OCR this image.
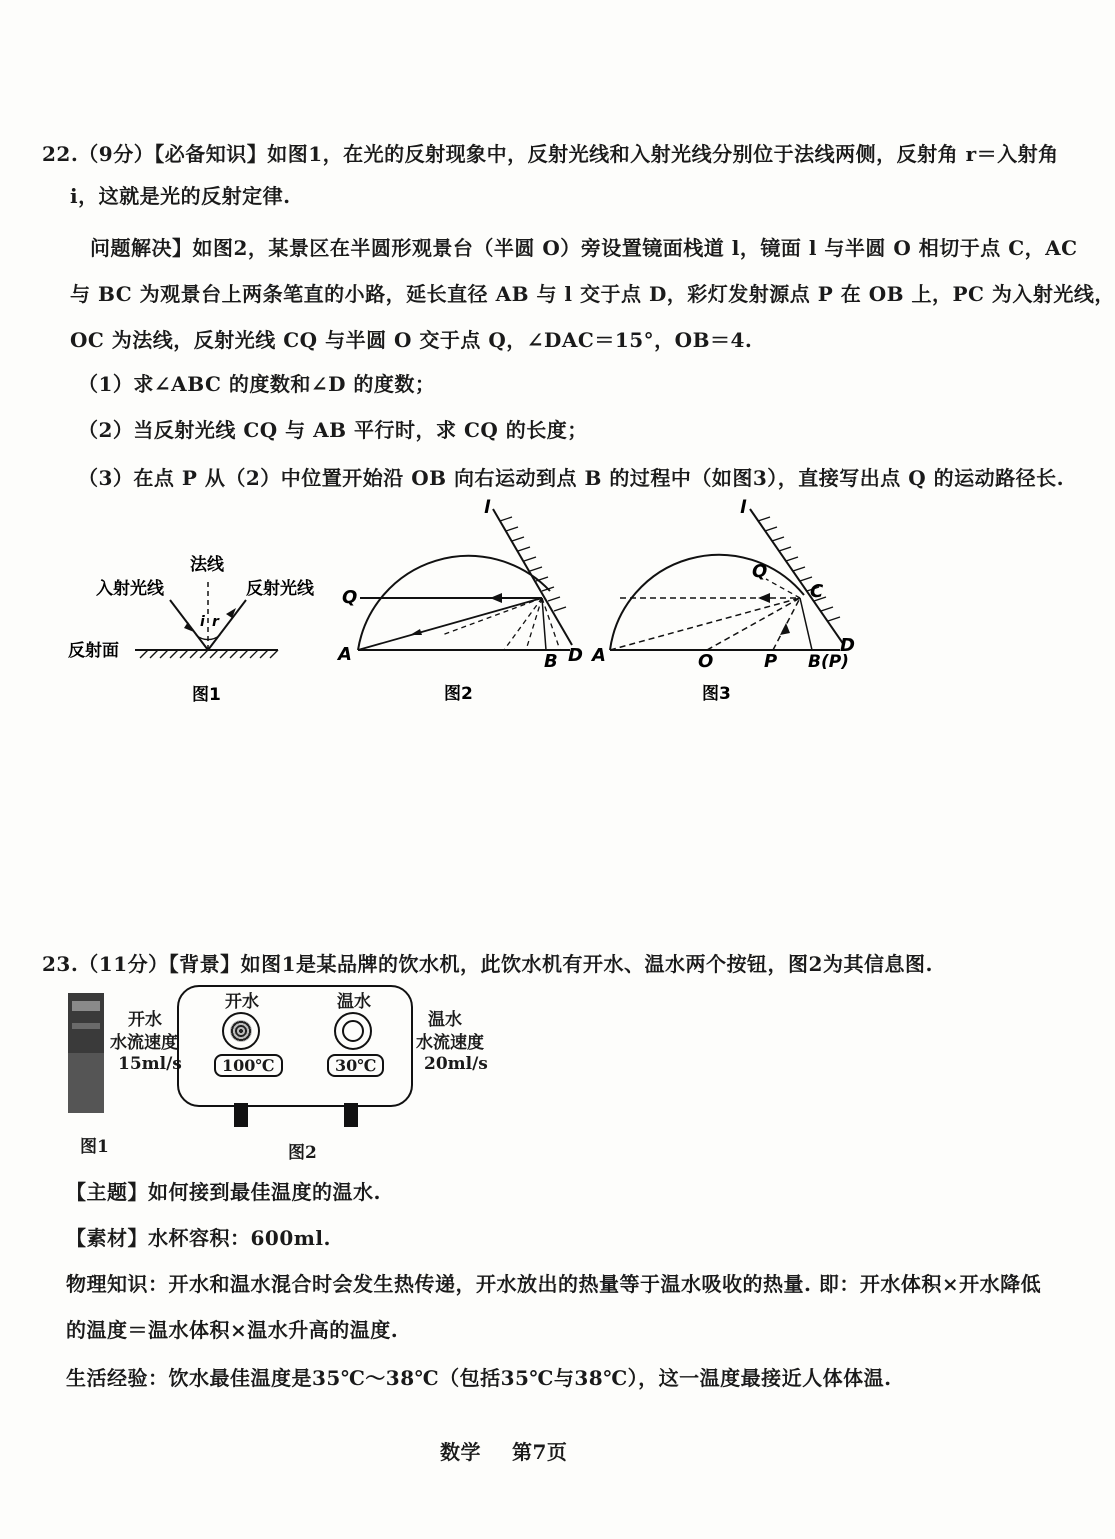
22.（9分）【必备知识】如图1，在光的反射现象中，反射光线和入射光线分别位于法线两侧，反射角 r＝入射角
i，这就是光的反射定律.
问题解决】如图2，某景区在半圆形观景台（半圆 O）旁设置镜面栈道 l，镜面 l 与半圆 O 相切于点 C，AC
与 BC 为观景台上两条笔直的小路，延长直径 AB 与 l 交于点 D，彩灯发射源点 P 在 OB 上，PC 为入射光线，
OC 为法线，反射光线 CQ 与半圆 O 交于点 Q，∠DAC＝15°，OB＝4.
（1）求∠ABC 的度数和∠D 的度数；
（2）当反射光线 CQ 与 AB 平行时，求 CQ 的长度；
（3）在点 P 从（2）中位置开始沿 OB 向右运动到点 B 的过程中（如图3），直接写出点 Q 的运动路径长.
i r
法线
入射光线	反射光线
反射面
图1
Q
A	B D
l
图2
l
Q
C
A	O	P B(P)
D
图3
23.（11分）【背景】如图1是某品牌的饮水机，此饮水机有开水、温水两个按钮，图2为其信息图.
图1
开水
水流速度
15ml/s
开水
100℃
温水
30℃
温水
水流速度
20ml/s
图2
【主题】如何接到最佳温度的温水.
【素材】水杯容积：600ml.
物理知识：开水和温水混合时会发生热传递，开水放出的热量等于温水吸收的热量. 即：开水体积×开水降低
的温度＝温水体积×温水升高的温度.
生活经验：饮水最佳温度是35℃～38℃（包括35℃与38℃），这一温度最接近人体体温.
数学 第7页
